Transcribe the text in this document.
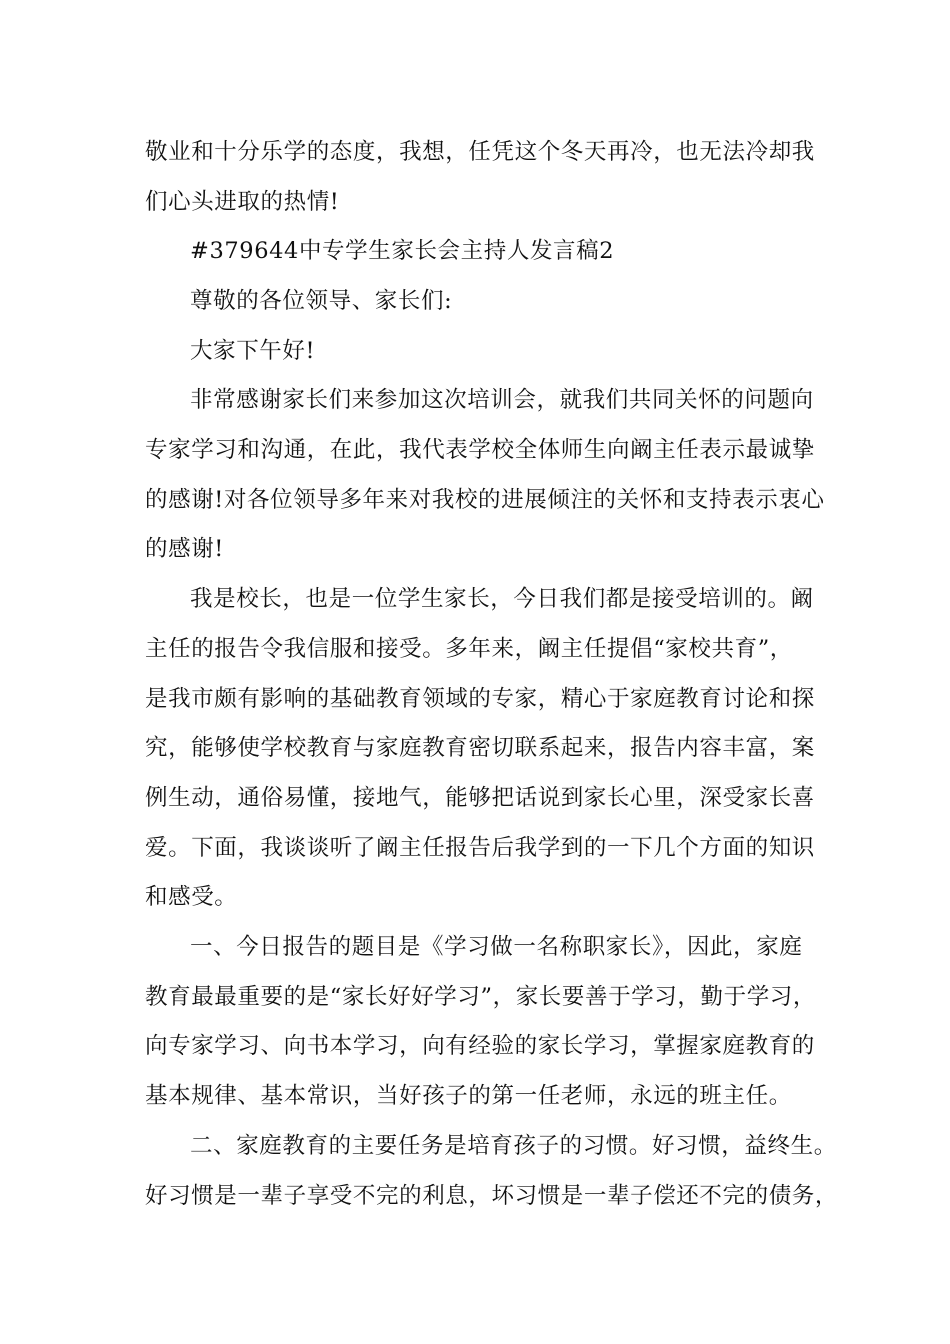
敬业和十分乐学的态度，我想，任凭这个冬天再冷，也无法冷却我
们心头进取的热情!
#379644中专学生家长会主持人发言稿2
尊敬的各位领导、家长们:
大家下午好!
非常感谢家长们来参加这次培训会，就我们共同关怀的问题向
专家学习和沟通，在此，我代表学校全体师生向阚主任表示最诚挚
的感谢!对各位领导多年来对我校的进展倾注的关怀和支持表示衷心
的感谢!
我是校长，也是一位学生家长，今日我们都是接受培训的。阚
主任的报告令我信服和接受。多年来，阚主任提倡“家校共育”，
是我市颇有影响的基础教育领域的专家，精心于家庭教育讨论和探
究，能够使学校教育与家庭教育密切联系起来，报告内容丰富，案
例生动，通俗易懂，接地气，能够把话说到家长心里，深受家长喜
爱。下面，我谈谈听了阚主任报告后我学到的一下几个方面的知识
和感受。
一、今日报告的题目是《学习做一名称职家长》，因此，家庭
教育最最重要的是“家长好好学习”，家长要善于学习，勤于学习，
向专家学习、向书本学习，向有经验的家长学习，掌握家庭教育的
基本规律、基本常识，当好孩子的第一任老师，永远的班主任。
二、家庭教育的主要任务是培育孩子的习惯。好习惯，益终生。
好习惯是一辈子享受不完的利息，坏习惯是一辈子偿还不完的债务，
